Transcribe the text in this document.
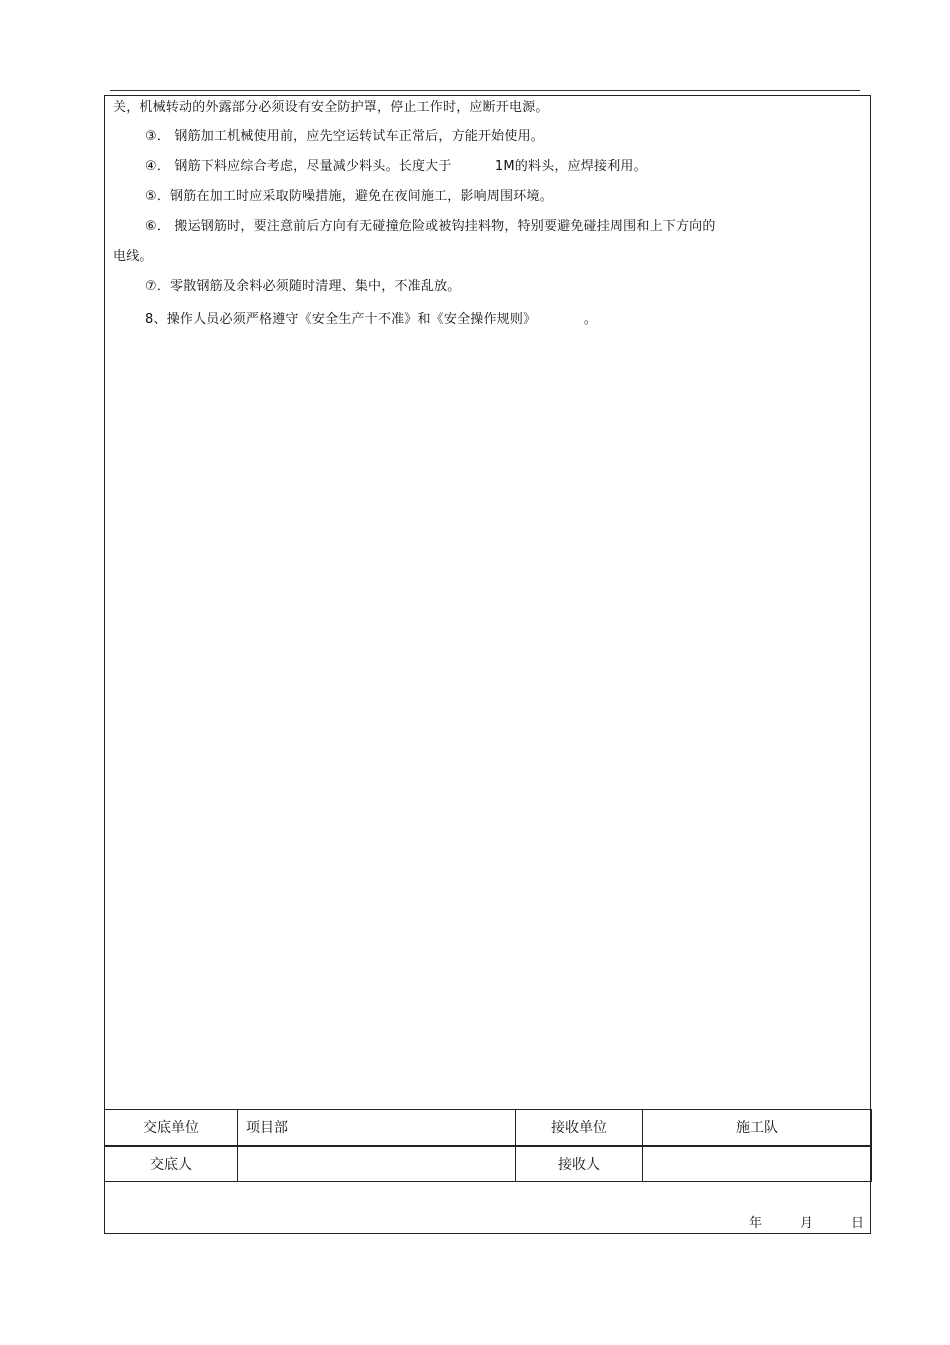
关，机械转动的外露部分必须设有安全防护罩，停止工作时，应断开电源。
③． 钢筋加工机械使用前，应先空运转试车正常后，方能开始使用。
④． 钢筋下料应综合考虑，尽量减少料头。长度大于          1M的料头，应焊接利用。
⑤．钢筋在加工时应采取防噪措施，避免在夜间施工，影响周围环境。
⑥． 搬运钢筋时，要注意前后方向有无碰撞危险或被钩挂料物，特别要避免碰挂周围和上下方向的
电线。
⑦．零散钢筋及余料必须随时清理、集中，不准乱放。
8、操作人员必须严格遵守《安全生产十不准》和《安全操作规则》           。
交底单位	项目部	接收单位	施工队
交底人		接收人	
年	月	日
